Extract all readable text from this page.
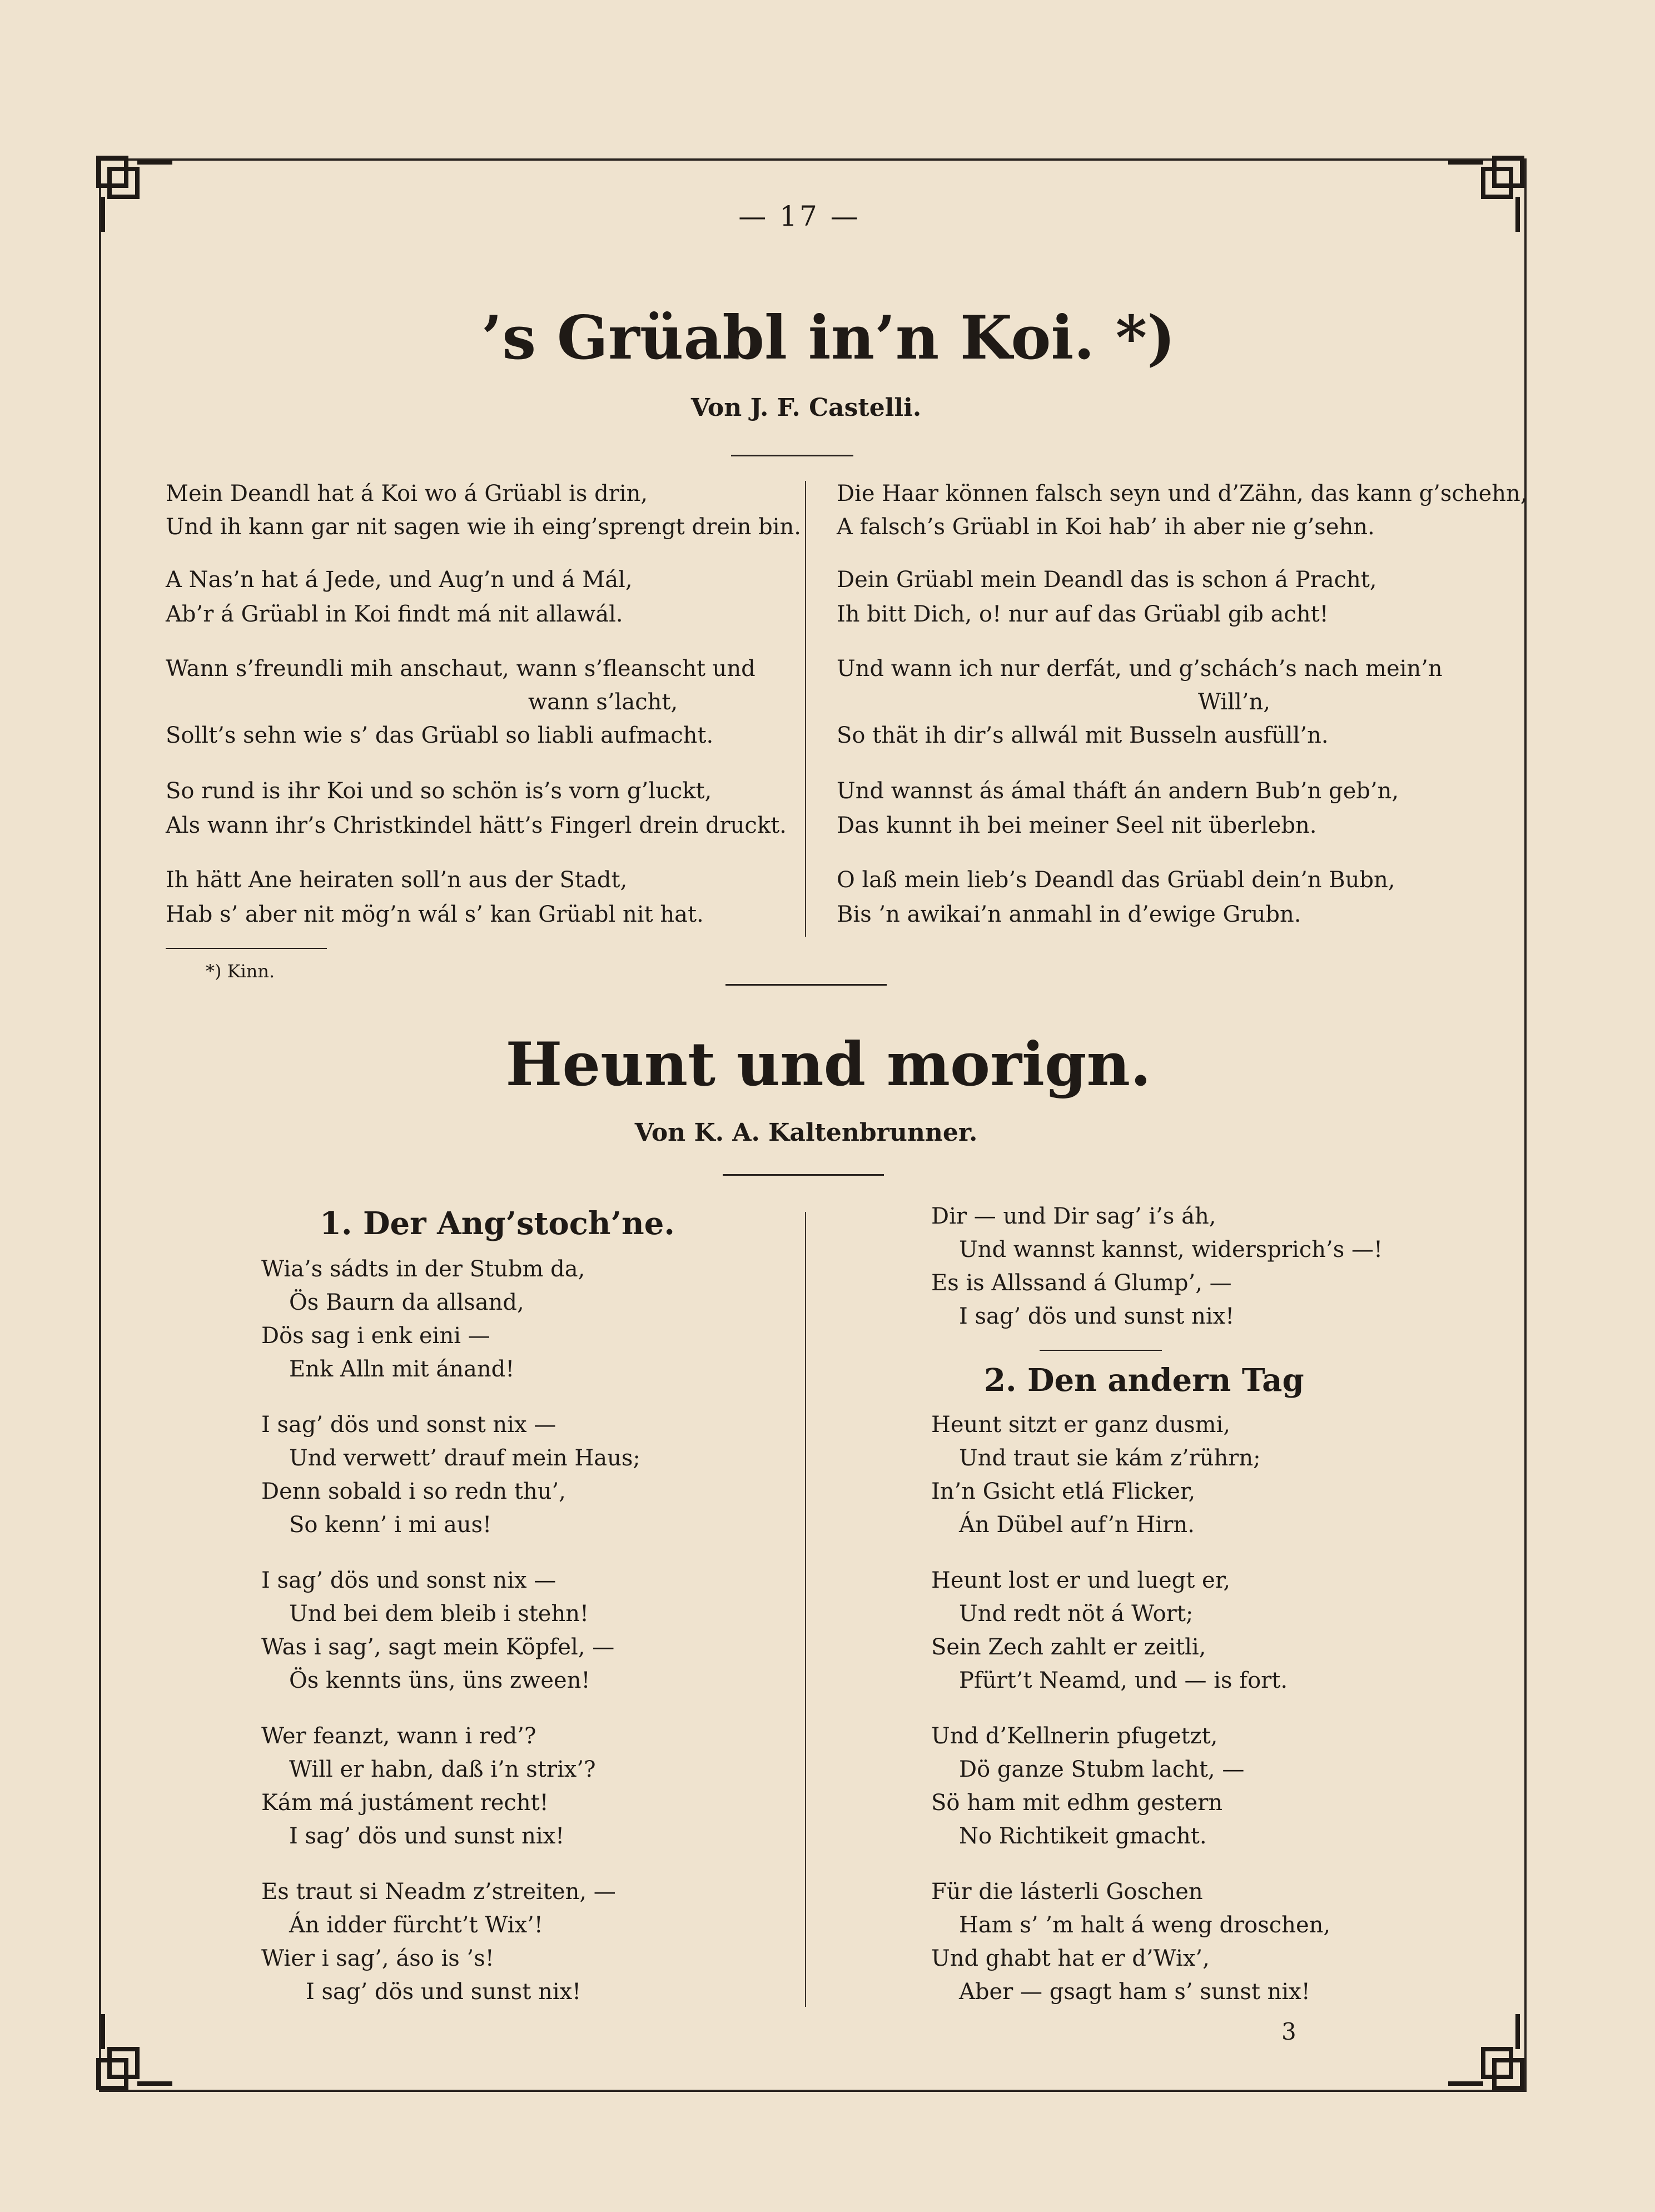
— 17 —
’s Grüabl in’n Koi. *)
Von J. F. Castelli.
Mein Deandl hat á Koi wo á Grüabl is drin,
Und ih kann gar nit sagen wie ih eing’sprengt drein bin.
A Nas’n hat á Jede, und Aug’n und á Mál,
Ab’r á Grüabl in Koi findt má nit allawál.
Wann s’freundli mih anschaut, wann s’fleanscht und
wann s’lacht,
Sollt’s sehn wie s’ das Grüabl so liabli aufmacht.
So rund is ihr Koi und so schön is’s vorn g’luckt,
Als wann ihr’s Christkindel hätt’s Fingerl drein druckt.
Ih hätt Ane heiraten soll’n aus der Stadt,
Hab s’ aber nit mög’n wál s’ kan Grüabl nit hat.
Die Haar können falsch seyn und d’Zähn, das kann g’schehn,
A falsch’s Grüabl in Koi hab’ ih aber nie g’sehn.
Dein Grüabl mein Deandl das is schon á Pracht,
Ih bitt Dich, o! nur auf das Grüabl gib acht!
Und wann ich nur derfát, und g’schách’s nach mein’n
Will’n,
So thät ih dir’s allwál mit Busseln ausfüll’n.
Und wannst ás ámal tháft án andern Bub’n geb’n,
Das kunnt ih bei meiner Seel nit überlebn.
O laß mein lieb’s Deandl das Grüabl dein’n Bubn,
Bis ’n awikai’n anmahl in d’ewige Grubn.
*) Kinn.
Heunt und morign.
Von K. A. Kaltenbrunner.
1. Der Ang’stoch’ne.
Wia’s sádts in der Stubm da,
Ös Baurn da allsand,
Dös sag i enk eini —
Enk Alln mit ánand!
I sag’ dös und sonst nix —
Und verwett’ drauf mein Haus;
Denn sobald i so redn thu’,
So kenn’ i mi aus!
I sag’ dös und sonst nix —
Und bei dem bleib i stehn!
Was i sag’, sagt mein Köpfel, —
Ös kennts üns, üns zween!
Wer feanzt, wann i red’?
Will er habn, daß i’n strix’?
Kám má justáment recht!
I sag’ dös und sunst nix!
Es traut si Neadm z’streiten, —
Án idder fürcht’t Wix’!
Wier i sag’, áso is ’s!
I sag’ dös und sunst nix!
Dir — und Dir sag’ i’s áh,
Und wannst kannst, widersprich’s —!
Es is Allssand á Glump’, —
I sag’ dös und sunst nix!
2. Den andern Tag
Heunt sitzt er ganz dusmi,
Und traut sie kám z’rührn;
In’n Gsicht etlá Flicker,
Án Dübel auf’n Hirn.
Heunt lost er und luegt er,
Und redt nöt á Wort;
Sein Zech zahlt er zeitli,
Pfürt’t Neamd, und — is fort.
Und d’Kellnerin pfugetzt,
Dö ganze Stubm lacht, —
Sö ham mit edhm gestern
No Richtikeit gmacht.
Für die lásterli Goschen
Ham s’ ’m halt á weng droschen,
Und ghabt hat er d’Wix’,
Aber — gsagt ham s’ sunst nix!
3
